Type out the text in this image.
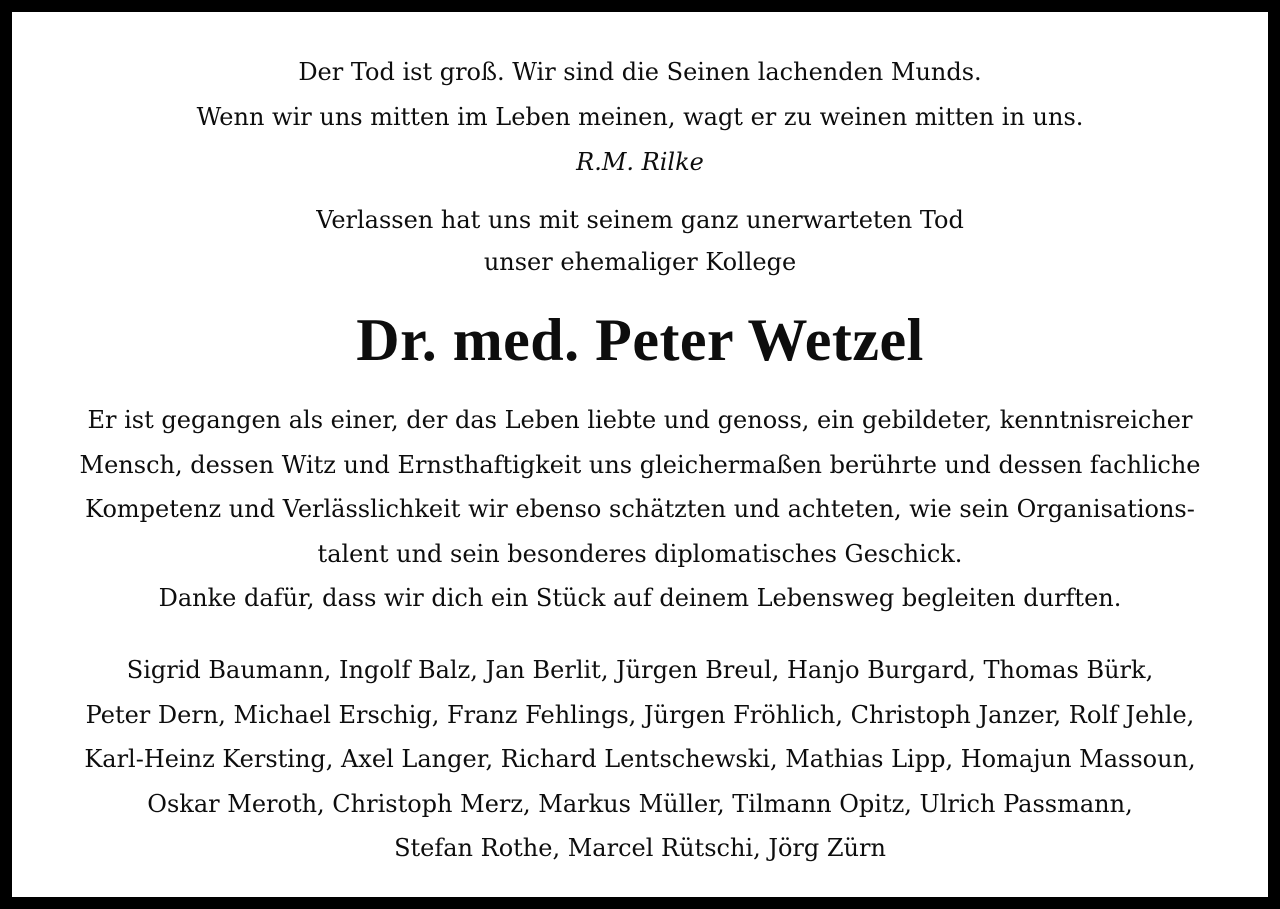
Der Tod ist groß. Wir sind die Seinen lachenden Munds.
Wenn wir uns mitten im Leben meinen, wagt er zu weinen mitten in uns.
R.M. Rilke
Verlassen hat uns mit seinem ganz unerwarteten Tod
unser ehemaliger Kollege
Dr. med. Peter Wetzel
Er ist gegangen als einer, der das Leben liebte und genoss, ein gebildeter, kenntnisreicher
Mensch, dessen Witz und Ernsthaftigkeit uns gleichermaßen berührte und dessen fachliche
Kompetenz und Verlässlichkeit wir ebenso schätzten und achteten, wie sein Organisations-
talent und sein besonderes diplomatisches Geschick.
Danke dafür, dass wir dich ein Stück auf deinem Lebensweg begleiten durften.
Sigrid Baumann, Ingolf Balz, Jan Berlit, Jürgen Breul, Hanjo Burgard, Thomas Bürk,
Peter Dern, Michael Erschig, Franz Fehlings, Jürgen Fröhlich, Christoph Janzer, Rolf Jehle,
Karl-Heinz Kersting, Axel Langer, Richard Lentschewski, Mathias Lipp, Homajun Massoun,
Oskar Meroth, Christoph Merz, Markus Müller, Tilmann Opitz, Ulrich Passmann,
Stefan Rothe, Marcel Rütschi, Jörg Zürn
